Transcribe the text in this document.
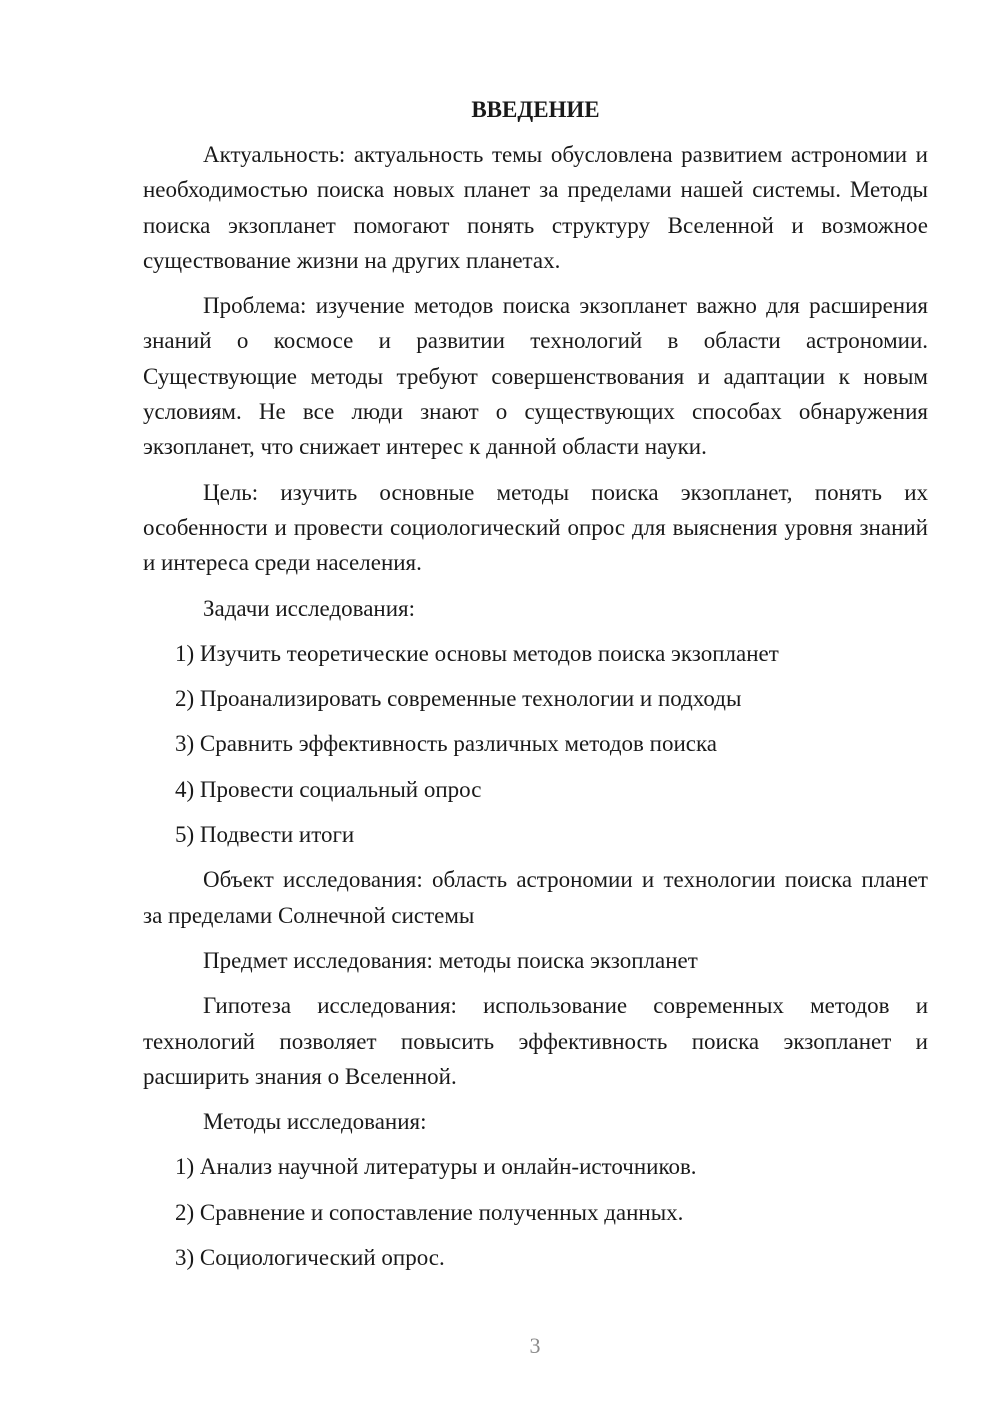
ВВЕДЕНИЕ

Актуальность: актуальность темы обусловлена развитием астрономии и необходимостью поиска новых планет за пределами нашей системы. Методы поиска экзопланет помогают понять структуру Вселенной и возможное существование жизни на других планетах.

Проблема: изучение методов поиска экзопланет важно для расширения знаний о космосе и развитии технологий в области астрономии. Существующие методы требуют совершенствования и адаптации к новым условиям. Не все люди знают о существующих способах обнаружения экзопланет, что снижает интерес к данной области науки.

Цель: изучить основные методы поиска экзопланет, понять их особенности и провести социологический опрос для выяснения уровня знаний и интереса среди населения.

Задачи исследования:

1) Изучить теоретические основы методов поиска экзопланет
2) Проанализировать современные технологии и подходы
3) Сравнить эффективность различных методов поиска
4) Провести социальный опрос
5) Подвести итоги

Объект исследования: область астрономии и технологии поиска планет за пределами Солнечной системы

Предмет исследования: методы поиска экзопланет

Гипотеза исследования: использование современных методов и технологий позволяет повысить эффективность поиска экзопланет и расширить знания о Вселенной.

Методы исследования:

1) Анализ научной литературы и онлайн-источников.
2) Сравнение и сопоставление полученных данных.
3) Социологический опрос.
3
